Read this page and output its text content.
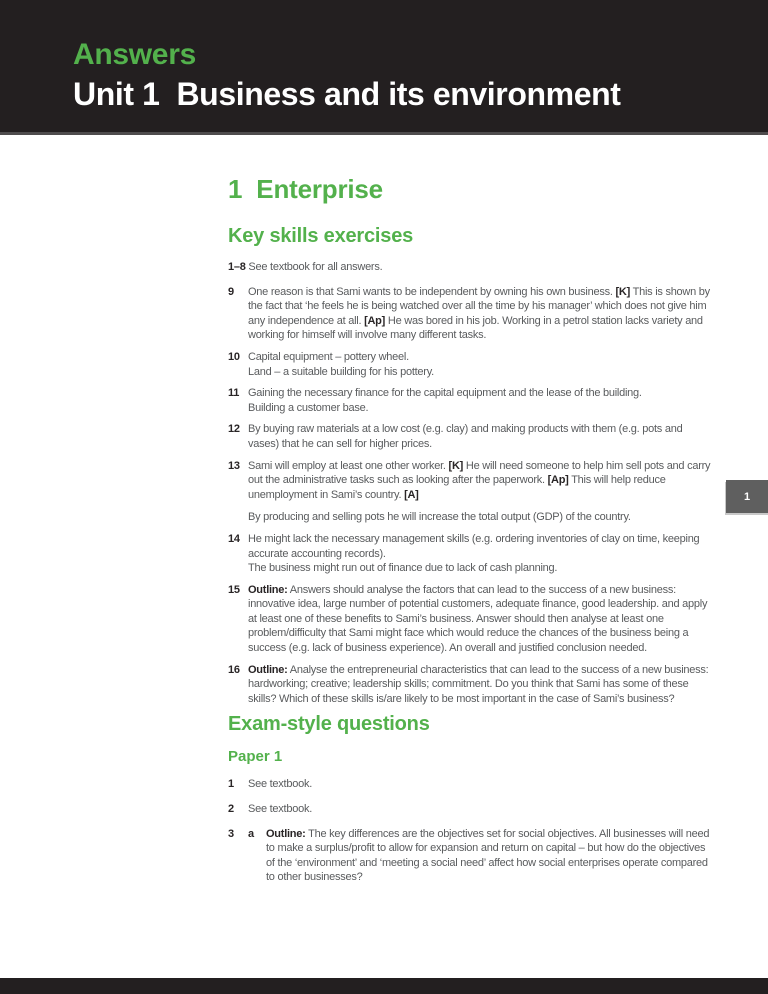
Answers
Unit 1  Business and its environment
1  Enterprise
Key skills exercises
1–8 See textbook for all answers.
9	One reason is that Sami wants to be independent by owning his own business. [K] This is shown by the fact that ‘he feels he is being watched over all the time by his manager’ which does not give him any independence at all. [Ap] He was bored in his job. Working in a petrol station lacks variety and working for himself will involve many different tasks.

10 Capital equipment – pottery wheel.

Land – a suitable building for his pottery.

11 Gaining the necessary finance for the capital equipment and the lease of the building.

Building a customer base.

12 By buying raw materials at a low cost (e.g. clay) and making products with them (e.g. pots and vases) that he can sell for higher prices.

13 Sami will employ at least one other worker. [K] He will need someone to help him sell pots and carry out the administrative tasks such as looking after the paperwork. [Ap] This will help reduce unemployment in Sami’s country. [A]

By producing and selling pots he will increase the total output (GDP) of the country.

14 He might lack the necessary management skills (e.g. ordering inventories of clay on time, keeping accurate accounting records).

The business might run out of finance due to lack of cash planning.

15 Outline: Answers should analyse the factors that can lead to the success of a new business: innovative idea, large number of potential customers, adequate finance, good leadership. and apply at least one of these benefits to Sami’s business. Answer should then analyse at least one problem/difficulty that Sami might face which would reduce the chances of the business being a success (e.g. lack of business experience). An overall and justified conclusion needed.

16 Outline: Analyse the entrepreneurial characteristics that can lead to the success of a new business: hardworking; creative; leadership skills; commitment. Do you think that Sami has some of these skills? Which of these skills is/are likely to be most important in the case of Sami’s business?

Exam-style questions
Paper 1
1	See textbook.

2	See textbook.

3	a	Outline: The key differences are the objectives set for social objectives. All businesses will need to make a surplus/profit to allow for expansion and return on capital – but how do the objectives of the ‘environment’ and ‘meeting a social need’ affect how social enterprises operate compared to other businesses?

1
